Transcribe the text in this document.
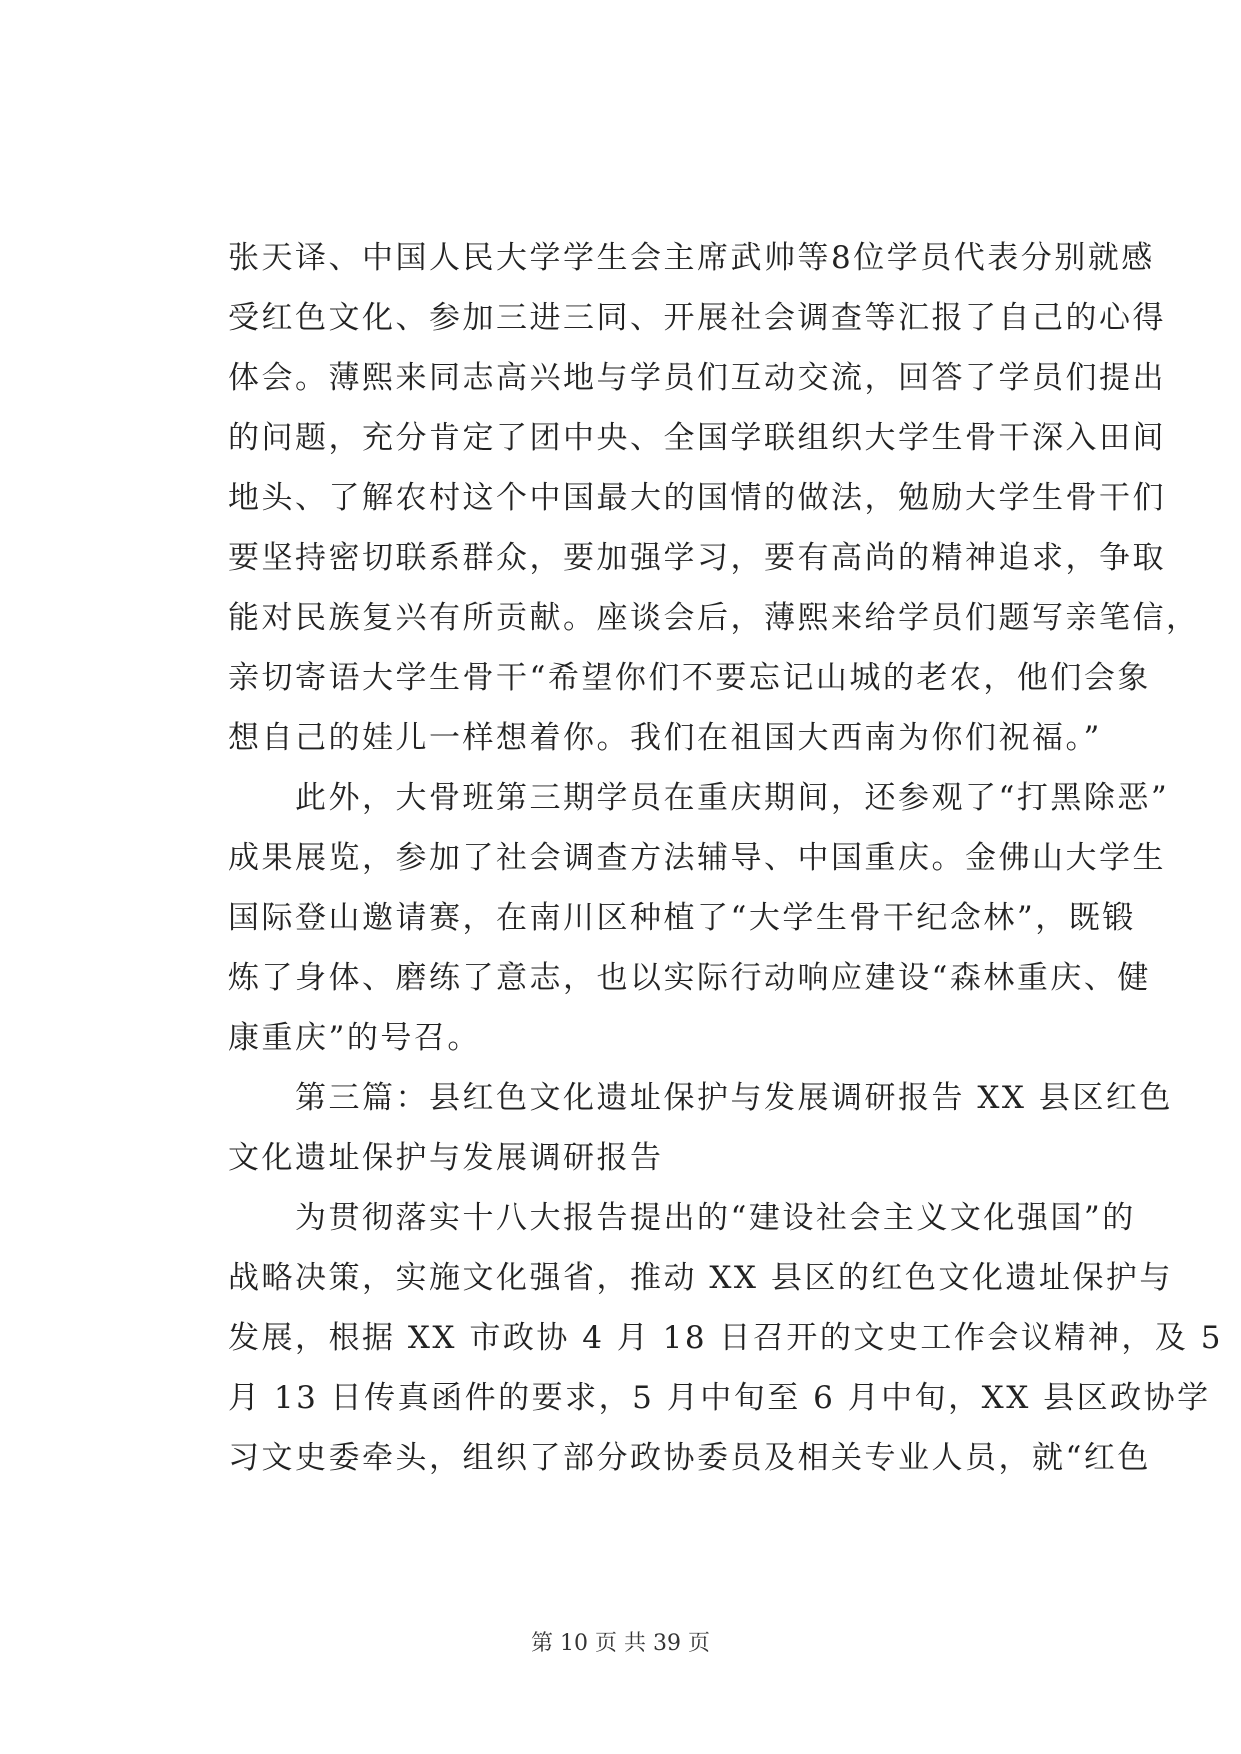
张天译、中国人民大学学生会主席武帅等8位学员代表分别就感
受红色文化、参加三进三同、开展社会调查等汇报了自己的心得
体会。薄熙来同志高兴地与学员们互动交流，回答了学员们提出
的问题，充分肯定了团中央、全国学联组织大学生骨干深入田间
地头、了解农村这个中国最大的国情的做法，勉励大学生骨干们
要坚持密切联系群众，要加强学习，要有高尚的精神追求，争取
能对民族复兴有所贡献。座谈会后，薄熙来给学员们题写亲笔信，
亲切寄语大学生骨干“希望你们不要忘记山城的老农，他们会象
想自己的娃儿一样想着你。我们在祖国大西南为你们祝福。”
　　此外，大骨班第三期学员在重庆期间，还参观了“打黑除恶”
成果展览，参加了社会调查方法辅导、中国重庆。金佛山大学生
国际登山邀请赛，在南川区种植了“大学生骨干纪念林”，既锻
炼了身体、磨练了意志，也以实际行动响应建设“森林重庆、健
康重庆”的号召。
　　第三篇：县红色文化遗址保护与发展调研报告 XX 县区红色
文化遗址保护与发展调研报告
　　为贯彻落实十八大报告提出的“建设社会主义文化强国”的
战略决策，实施文化强省，推动 XX 县区的红色文化遗址保护与
发展，根据 XX 市政协 4 月 18 日召开的文史工作会议精神，及 5
月 13 日传真函件的要求，5 月中旬至 6 月中旬，XX 县区政协学
习文史委牵头，组织了部分政协委员及相关专业人员，就“红色
第 10 页 共 39 页
